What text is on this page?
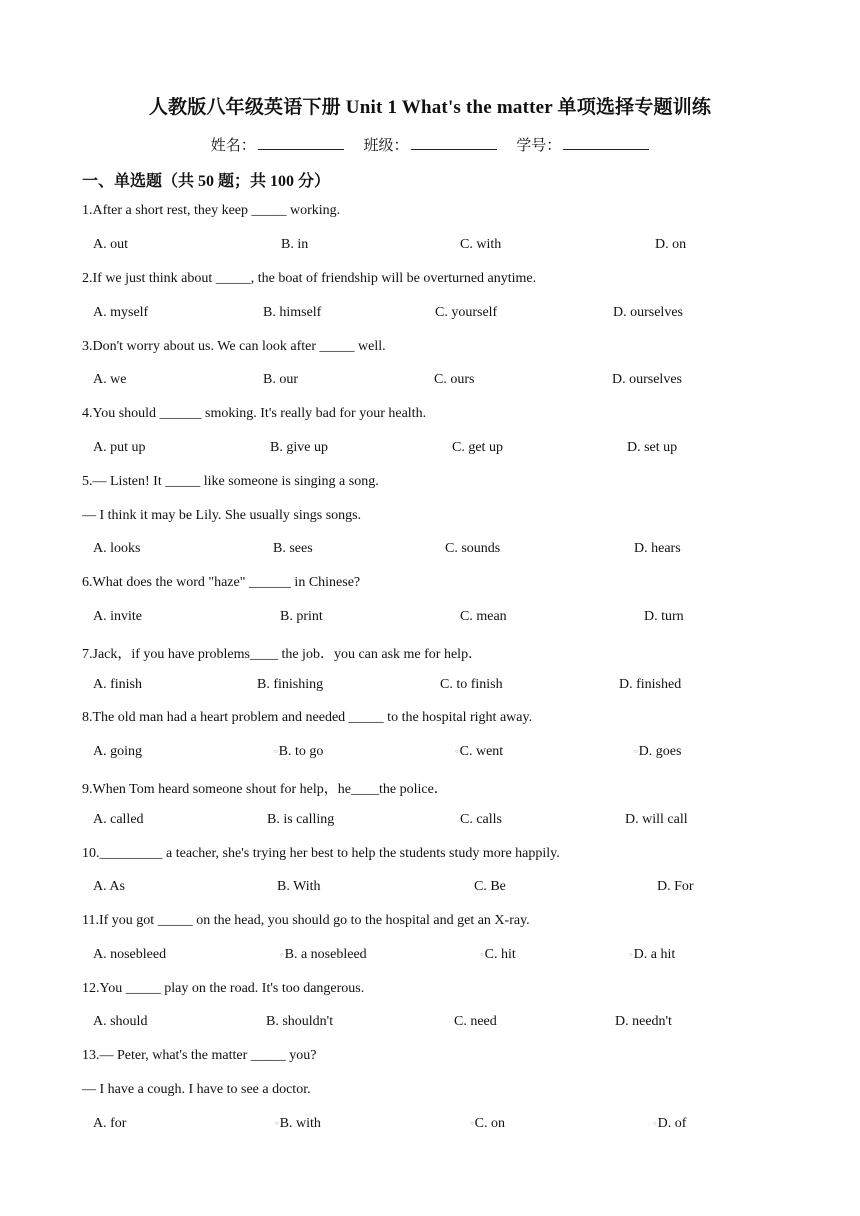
人教版八年级英语下册 Unit 1 What's the matter 单项选择专题训练
姓名：	班级：	学号：
一、单选题（共 50 题；共 100 分）
1.After a short rest, they keep _____ working.
A. out	B. in	C. with	D. on
2.If we just think about _____, the boat of friendship will be overturned anytime.
A. myself	B. himself	C. yourself	D. ourselves
3.Don't worry about us. We can look after _____ well.
A. we	B. our	C. ours	D. ourselves
4.You should ______ smoking. It's really bad for your health.
A. put up	B. give up	C. get up	D. set up
5.— Listen! It _____ like someone is singing a song.
— I think it may be Lily. She usually sings songs.
A. looks	B. sees	C. sounds	D. hears
6.What does the word "haze" ______ in Chinese?
A. invite	B. print	C. mean	D. turn
7.Jack，if you have problems____ the job．you can ask me for help．
A. finish	B. finishing	C. to finish	D. finished
8.The old man had a heart problem and needed _____ to the hospital right away.
A. going	○B. to go	○C. went	○D. goes
9.When Tom heard someone shout for help，he____the police．
A. called	B. is calling	C. calls	D. will call
10._________ a teacher, she's trying her best to help the students study more happily.
A. As	B. With	C. Be	D. For
11.If you got _____ on the head, you should go to the hospital and get an X-ray.
A. nosebleed	○B. a nosebleed	○C. hit	○D. a hit
12.You _____ play on the road. It's too dangerous.
A. should	B. shouldn't	C. need	D. needn't
13.— Peter, what's the matter _____ you?
— I have a cough. I have to see a doctor.
A. for	○B. with	○C. on	○D. of
